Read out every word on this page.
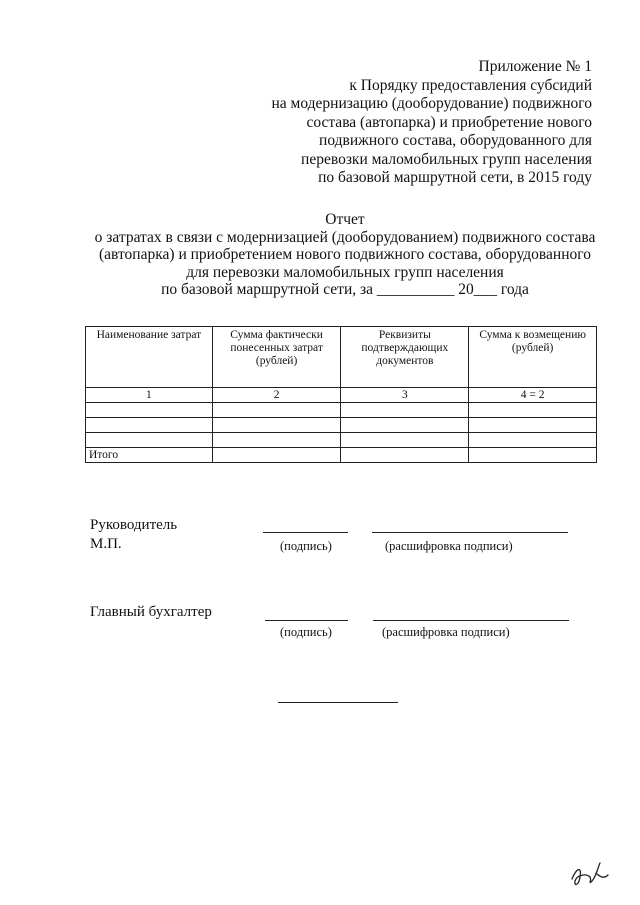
Приложение № 1
к Порядку предоставления субсидий
на модернизацию (дооборудование) подвижного
состава (автопарка) и приобретение нового
подвижного состава, оборудованного для
перевозки маломобильных групп населения
по базовой маршрутной сети, в 2015 году
Отчет
о затратах в связи с модернизацией (дооборудованием) подвижного состава
(автопарка) и приобретением нового подвижного состава, оборудованного
для перевозки маломобильных групп населения
по базовой маршрутной сети, за __________ 20___ года
Наименование затрат	Сумма фактически понесенных затрат (рублей)	Реквизиты подтверждающих документов	Сумма к возмещению (рублей)
1	2	3	4 = 2

Итого			
Руководитель
М.П.	(подпись)	(расшифровка подписи)
Главный бухгалтер
(подпись)	(расшифровка подписи)
